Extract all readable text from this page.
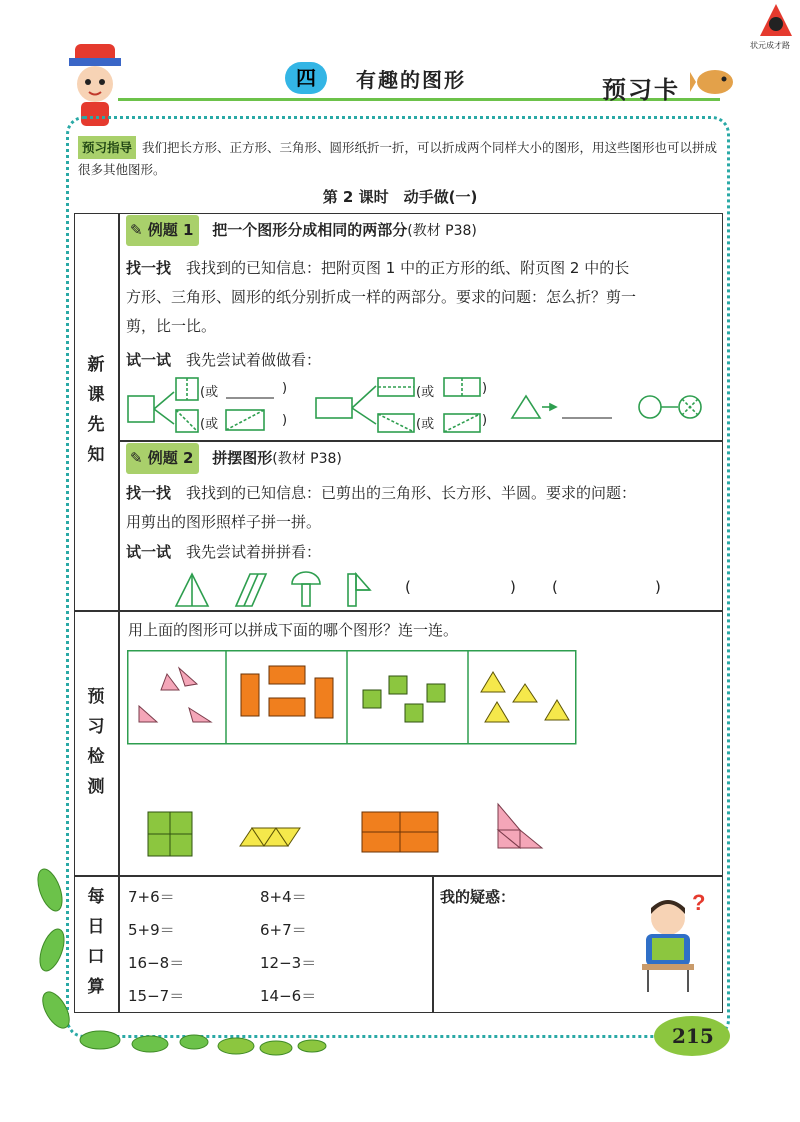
状元成才路
四	有趣的图形	预习卡
预习指导 我们把长方形、正方形、三角形、圆形纸折一折，可以折成两个同样大小的图形，用这些图形也可以拼成很多其他图形。
第 2 课时　动手做(一)
新
课
先
知
预
习
检
测
每
日
口
算
✎ 例题 1 把一个图形分成相同的两部分(教材 P38)
找一找　 我找到的已知信息：把附页图 1 中的正方形的纸、附页图 2 中的长
方形、三角形、圆形的纸分别折成一样的两部分。要求的问题：怎么折？剪一
剪，比一比。
试一试　 我先尝试着做做看：
(或	)
(或	)
(或	)
(或	)
✎ 例题 2 拼摆图形(教材 P38)
找一找　 我找到的已知信息：已剪出的三角形、长方形、半圆。要求的问题：
用剪出的图形照样子拼一拼。
试一试　 我先尝试着拼拼看：
(	) (	)
用上面的图形可以拼成下面的哪个图形？连一连。
7+6＝	8+4＝
5+9＝	6+7＝
16−8＝	12−3＝
15−7＝	14−6＝
我的疑惑：	?
215
